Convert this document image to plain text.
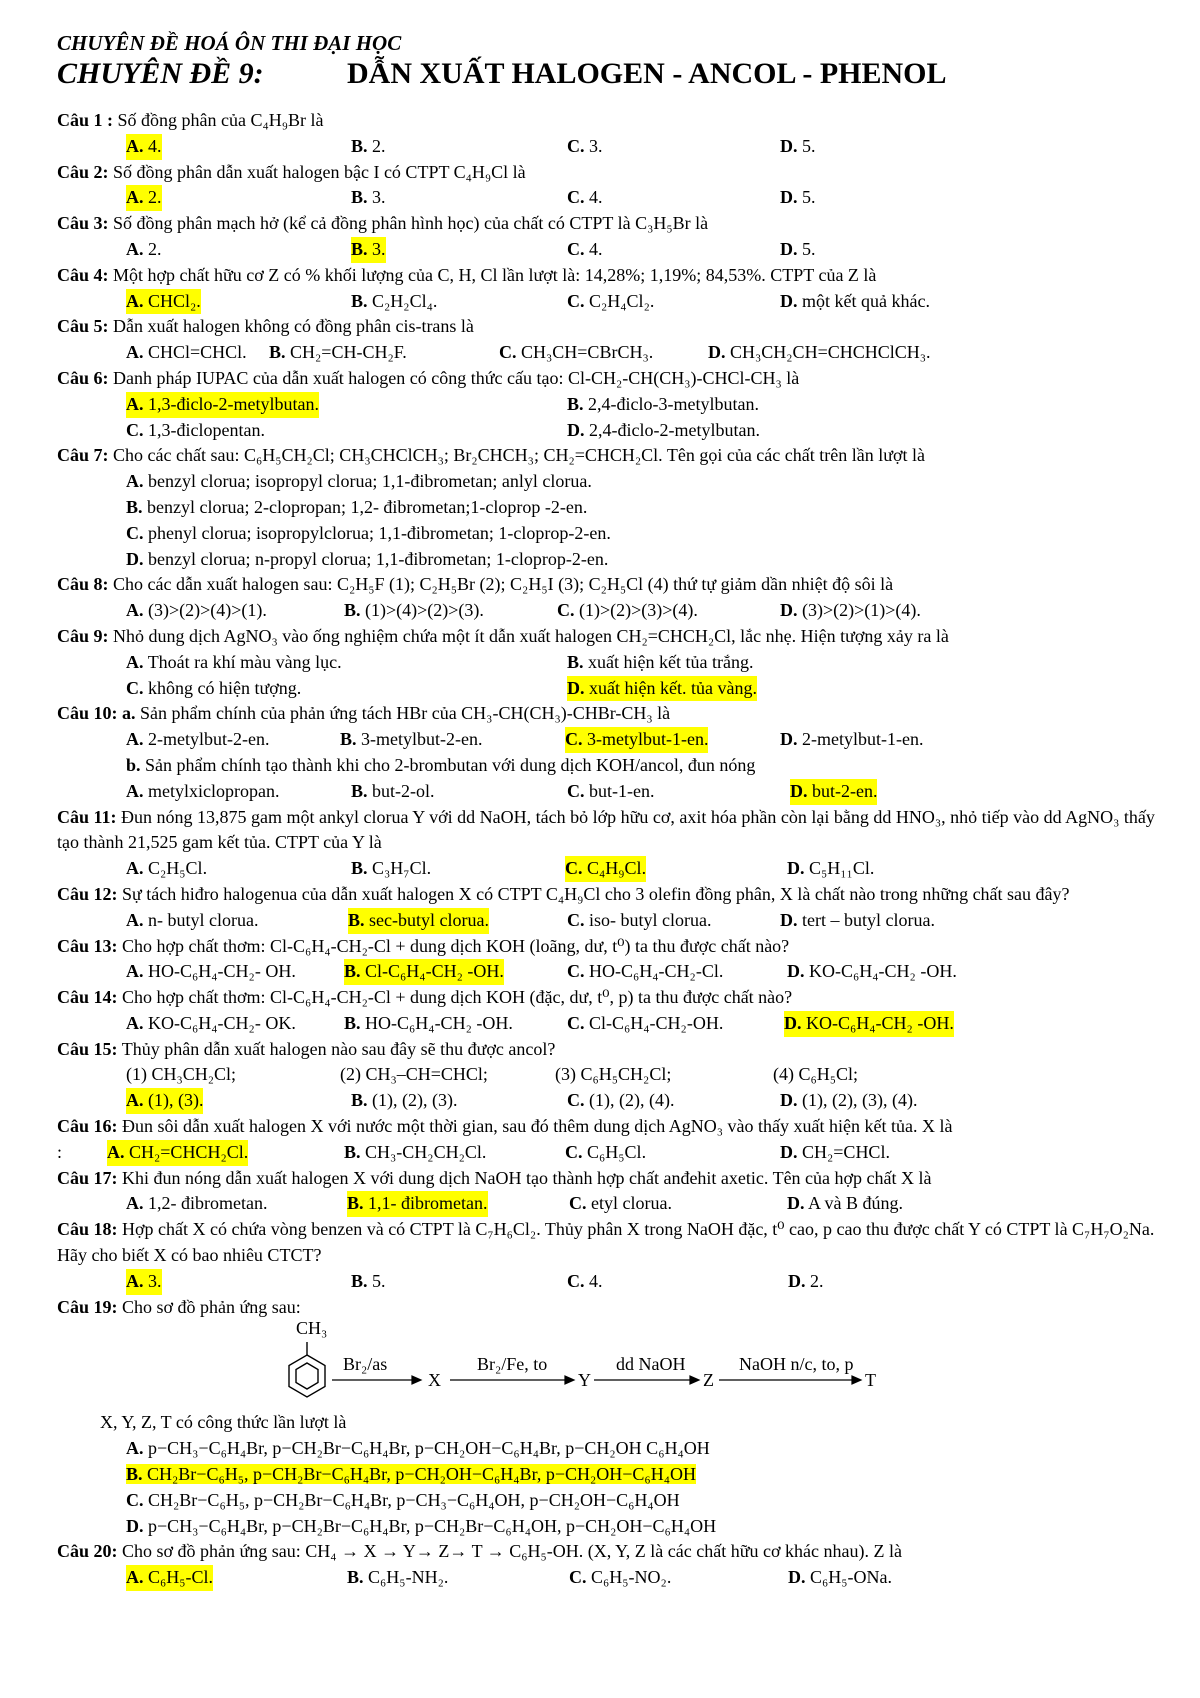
CHUYÊN ĐỀ HOÁ ÔN THI ĐẠI HỌC
CHUYÊN ĐỀ 9:	DẪN XUẤT HALOGEN - ANCOL - PHENOL
Câu 1 : Số đồng phân của C₄H₉Br là
A. 4.	B. 2.	C. 3.	D. 5.
Câu 2: Số đồng phân dẫn xuất halogen bậc I có CTPT C₄H₉Cl là
A. 2.	B. 3.	C. 4.	D. 5.
Câu 3: Số đồng phân mạch hở (kể cả đồng phân hình học) của chất có CTPT là C₃H₅Br là
A. 2.	B. 3.	C. 4.	D. 5.
Câu 4: Một hợp chất hữu cơ Z có % khối lượng của C, H, Cl lần lượt là: 14,28%; 1,19%; 84,53%. CTPT của Z là
A. CHCl₂.	B. C₂H₂Cl₄.	C. C₂H₄Cl₂.	D. một kết quả khác.
Câu 5: Dẫn xuất halogen không có đồng phân cis-trans là
A. CHCl=CHCl. B. CH₂=CH-CH₂F.	C. CH₃CH=CBrCH₃.	D. CH₃CH₂CH=CHCHClCH₃.
Câu 6: Danh pháp IUPAC của dẫn xuất halogen có công thức cấu tạo: Cl-CH₂-CH(CH₃)-CHCl-CH₃ là
A. 1,3-điclo-2-metylbutan.	B. 2,4-điclo-3-metylbutan.
C. 1,3-điclopentan.	D. 2,4-điclo-2-metylbutan.
Câu 7: Cho các chất sau: C₆H₅CH₂Cl; CH₃CHClCH₃; Br₂CHCH₃; CH₂=CHCH₂Cl. Tên gọi của các chất trên lần lượt là
A. benzyl clorua; isopropyl clorua; 1,1-đibrometan; anlyl clorua.
B. benzyl clorua; 2-clopropan; 1,2- đibrometan;1-cloprop -2-en.
C. phenyl clorua; isopropylclorua; 1,1-đibrometan; 1-cloprop-2-en.
D. benzyl clorua; n-propyl clorua; 1,1-đibrometan; 1-cloprop-2-en.
Câu 8: Cho các dẫn xuất halogen sau: C₂H₅F (1); C₂H₅Br (2); C₂H₅I (3); C₂H₅Cl (4) thứ tự giảm dần nhiệt độ sôi là
A. (3)>(2)>(4)>(1).	B. (1)>(4)>(2)>(3).	C. (1)>(2)>(3)>(4).	D. (3)>(2)>(1)>(4).
Câu 9: Nhỏ dung dịch AgNO₃ vào ống nghiệm chứa một ít dẫn xuất halogen CH₂=CHCH₂Cl, lắc nhẹ. Hiện tượng xảy ra là
A. Thoát ra khí màu vàng lục.	B. xuất hiện kết tủa trắng.
C. không có hiện tượng.	D. xuất hiện kết. tủa vàng.
Câu 10: a. Sản phẩm chính của phản ứng tách HBr của CH₃-CH(CH₃)-CHBr-CH₃ là
A. 2-metylbut-2-en.	B. 3-metylbut-2-en.	C. 3-metylbut-1-en.	D. 2-metylbut-1-en.
b. Sản phẩm chính tạo thành khi cho 2-brombutan với dung dịch KOH/ancol, đun nóng
A. metylxiclopropan.	B. but-2-ol.	C. but-1-en.	D. but-2-en.
Câu 11: Đun nóng 13,875 gam một ankyl clorua Y với dd NaOH, tách bỏ lớp hữu cơ, axit hóa phần còn lại bằng dd HNO₃, nhỏ tiếp vào dd AgNO₃ thấy tạo thành 21,525 gam kết tủa. CTPT của Y là
A. C₂H₅Cl.	B. C₃H₇Cl.	C. C₄H₉Cl.	D. C₅H₁₁Cl.
Câu 12: Sự tách hiđro halogenua của dẫn xuất halogen X có CTPT C₄H₉Cl cho 3 olefin đồng phân, X là chất nào trong những chất sau đây?
A. n- butyl clorua.	B. sec-butyl clorua.	C. iso- butyl clorua.	D. tert – butyl clorua.
Câu 13: Cho hợp chất thơm: Cl-C₆H₄-CH₂-Cl + dung dịch KOH (loãng, dư, t⁰) ta thu được chất nào?
A. HO-C₆H₄-CH₂- OH.	B. Cl-C₆H₄-CH₂ -OH.	C. HO-C₆H₄-CH₂-Cl.	D. KO-C₆H₄-CH₂ -OH.
Câu 14: Cho hợp chất thơm: Cl-C₆H₄-CH₂-Cl + dung dịch KOH (đặc, dư, t⁰, p) ta thu được chất nào?
A. KO-C₆H₄-CH₂- OK.	B. HO-C₆H₄-CH₂ -OH.	C. Cl-C₆H₄-CH₂-OH.	D. KO-C₆H₄-CH₂ -OH.
Câu 15: Thủy phân dẫn xuất halogen nào sau đây sẽ thu được ancol?
(1) CH₃CH₂Cl;	(2) CH₃–CH=CHCl;	(3) C₆H₅CH₂Cl;	(4) C₆H₅Cl;
A. (1), (3).	B. (1), (2), (3).	C. (1), (2), (4).	D. (1), (2), (3), (4).
Câu 16: Đun sôi dẫn xuất halogen X với nước một thời gian, sau đó thêm dung dịch AgNO₃ vào thấy xuất hiện kết tủa. X là
: A. CH₂=CHCH₂Cl.	B. CH₃-CH₂CH₂Cl.	C. C₆H₅Cl.	D. CH₂=CHCl.
Câu 17: Khi đun nóng dẫn xuất halogen X với dung dịch NaOH tạo thành hợp chất anđehit axetic. Tên của hợp chất X là
A. 1,2- đibrometan.	B. 1,1- đibrometan.	C. etyl clorua.	D. A và B đúng.
Câu 18: Hợp chất X có chứa vòng benzen và có CTPT là C₇H₆Cl₂. Thủy phân X trong NaOH đặc, t⁰ cao, p cao thu được chất Y có CTPT là C₇H₇O₂Na. Hãy cho biết X có bao nhiêu CTCT?
A. 3.	B. 5.	C. 4.	D. 2.
Câu 19: Cho sơ đồ phản ứng sau:
CH₃
Br₂/as
X
Br₂/Fe, to
Y
dd NaOH
Z
NaOH n/c, to, p
T
X, Y, Z, T có công thức lần lượt là
A. p−CH₃−C₆H₄Br, p−CH₂Br−C₆H₄Br, p−CH₂OH−C₆H₄Br, p−CH₂OH C₆H₄OH
B. CH₂Br−C₆H₅, p−CH₂Br−C₆H₄Br, p−CH₂OH−C₆H₄Br, p−CH₂OH−C₆H₄OH
C. CH₂Br−C₆H₅, p−CH₂Br−C₆H₄Br, p−CH₃−C₆H₄OH, p−CH₂OH−C₆H₄OH
D. p−CH₃−C₆H₄Br, p−CH₂Br−C₆H₄Br, p−CH₂Br−C₆H₄OH, p−CH₂OH−C₆H₄OH
Câu 20: Cho sơ đồ phản ứng sau: CH₄ → X → Y→ Z→ T → C₆H₅-OH. (X, Y, Z là các chất hữu cơ khác nhau). Z là
A. C₆H₅-Cl.	B. C₆H₅-NH₂.	C. C₆H₅-NO₂.	D. C₆H₅-ONa.
